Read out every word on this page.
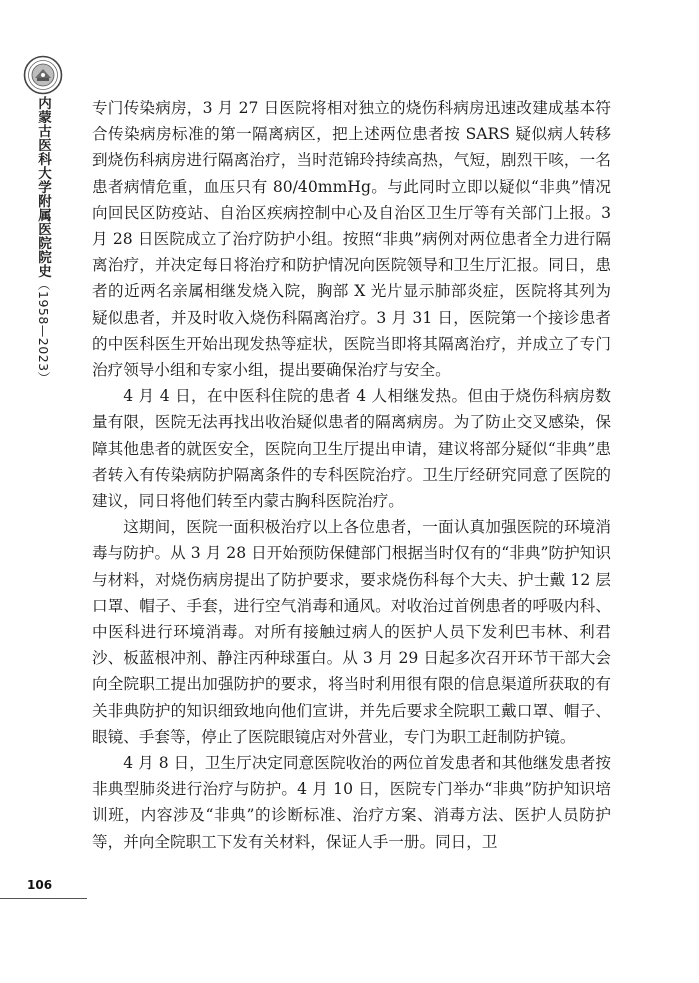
内蒙古医科大学附属医院院史（1958—2023）
106

专门传染病房，3 月 27 日医院将相对独立的烧伤科病房迅速改建成基本符合传染病房标准的第一隔离病区，把上述两位患者按 SARS 疑似病人转移到烧伤科病房进行隔离治疗，当时范锦玲持续高热，气短，剧烈干咳，一名患者病情危重，血压只有 80/40mmHg。与此同时立即以疑似“非典”情况向回民区防疫站、自治区疾病控制中心及自治区卫生厅等有关部门上报。3 月 28 日医院成立了治疗防护小组。按照“非典”病例对两位患者全力进行隔离治疗，并决定每日将治疗和防护情况向医院领导和卫生厅汇报。同日，患者的近两名亲属相继发烧入院，胸部 X 光片显示肺部炎症，医院将其列为疑似患者，并及时收入烧伤科隔离治疗。3 月 31 日，医院第一个接诊患者的中医科医生开始出现发热等症状，医院当即将其隔离治疗，并成立了专门治疗领导小组和专家小组，提出要确保治疗与安全。

4 月 4 日，在中医科住院的患者 4 人相继发热。但由于烧伤科病房数量有限，医院无法再找出收治疑似患者的隔离病房。为了防止交叉感染，保障其他患者的就医安全，医院向卫生厅提出申请，建议将部分疑似“非典”患者转入有传染病防护隔离条件的专科医院治疗。卫生厅经研究同意了医院的建议，同日将他们转至内蒙古胸科医院治疗。

这期间，医院一面积极治疗以上各位患者，一面认真加强医院的环境消毒与防护。从 3 月 28 日开始预防保健部门根据当时仅有的“非典”防护知识与材料，对烧伤病房提出了防护要求，要求烧伤科每个大夫、护士戴 12 层口罩、帽子、手套，进行空气消毒和通风。对收治过首例患者的呼吸内科、中医科进行环境消毒。对所有接触过病人的医护人员下发利巴韦林、利君沙、板蓝根冲剂、静注丙种球蛋白。从 3 月 29 日起多次召开环节干部大会向全院职工提出加强防护的要求，将当时利用很有限的信息渠道所获取的有关非典防护的知识细致地向他们宣讲，并先后要求全院职工戴口罩、帽子、眼镜、手套等，停止了医院眼镜店对外营业，专门为职工赶制防护镜。

4 月 8 日，卫生厅决定同意医院收治的两位首发患者和其他继发患者按非典型肺炎进行治疗与防护。4 月 10 日，医院专门举办“非典”防护知识培训班，内容涉及“非典”的诊断标准、治疗方案、消毒方法、医护人员防护等，并向全院职工下发有关材料，保证人手一册。同日，卫
